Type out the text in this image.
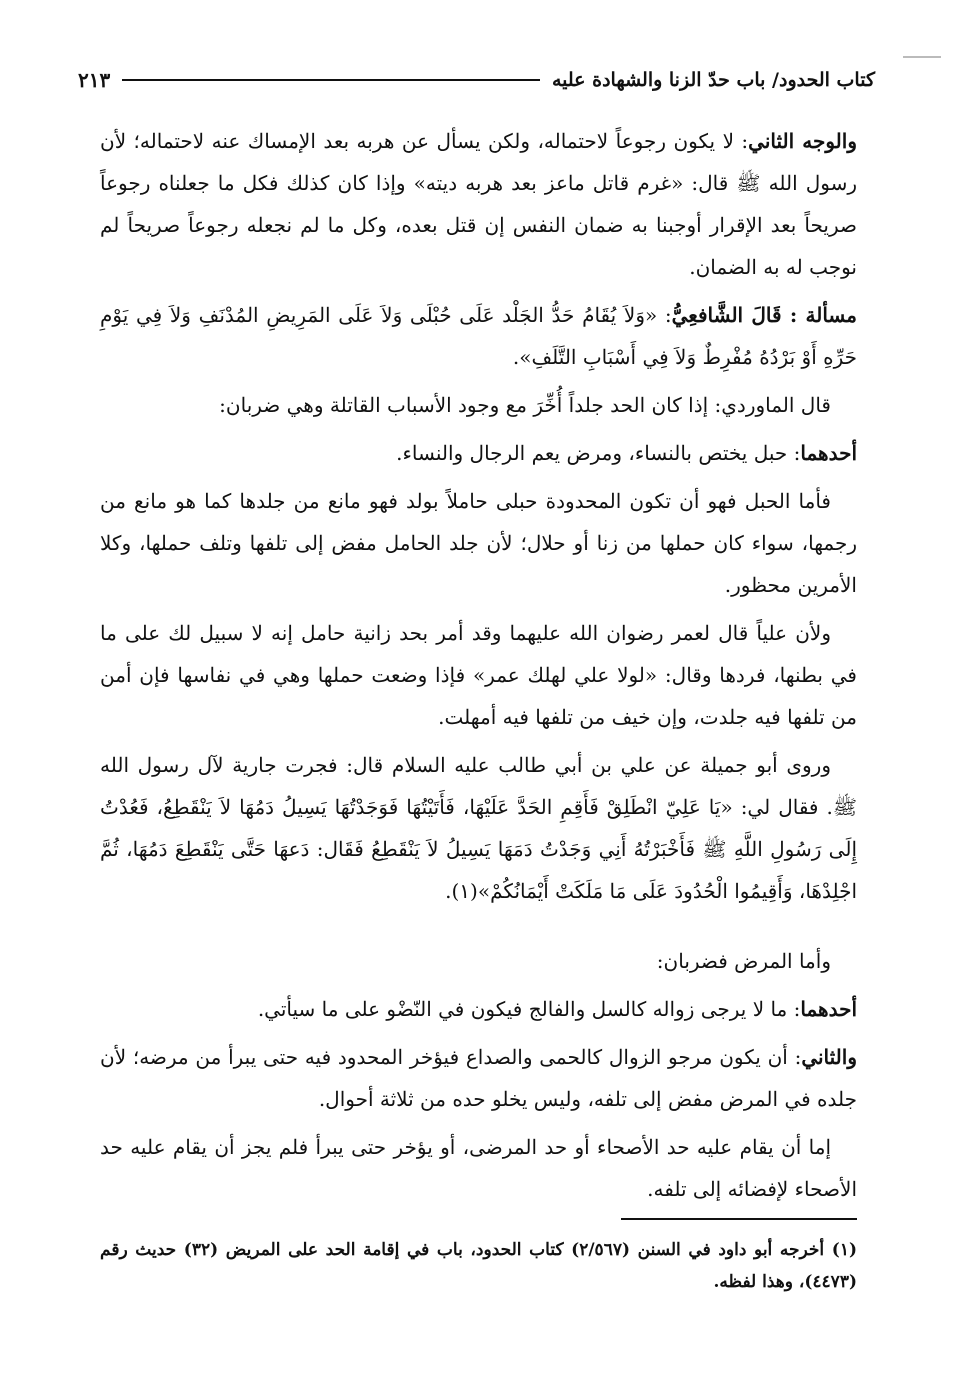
كتاب الحدود/ باب حدّ الزنا والشهادة عليه
٢١٣

والوجه الثاني: لا يكون رجوعاً لاحتماله، ولكن يسأل عن هربه بعد الإمساك عنه لاحتماله؛ لأن رسول الله ﷺ قال: «غرم قاتل ماعز بعد هربه ديته» وإذا كان كذلك فكل ما جعلناه رجوعاً صريحاً بعد الإقرار أوجبنا به ضمان النفس إن قتل بعده، وكل ما لم نجعله رجوعاً صريحاً لم نوجب له به الضمان.

مسألة : قَالَ الشَّافعِيُّ: «وَلاَ يُقَامُ حَدُّ الجَلْد عَلَى حُبْلَى وَلاَ عَلَى المَرِيضِ المُدْنَفِ وَلاَ فِي يَوْمِ حَرِّهِ أَوْ بَرْدُهُ مُفْرِطٌ وَلاَ فِي أَسْبَابِ التَّلَفِ».

قال الماوردي: إذا كان الحد جلداً أُخِّرَ مع وجود الأسباب القاتلة وهي ضربان:

أحدهما: حبل يختص بالنساء، ومرض يعم الرجال والنساء.

فأما الحبل فهو أن تكون المحدودة حبلى حاملاً بولد فهو مانع من جلدها كما هو مانع من رجمها، سواء كان حملها من زنا أو حلال؛ لأن جلد الحامل مفض إلى تلفها وتلف حملها، وكلا الأمرين محظور.

ولأن علياً قال لعمر رضوان الله عليهما وقد أمر بحد زانية حامل إنه لا سبيل لك على ما في بطنها، فردها وقال: «لولا علي لهلك عمر» فإذا وضعت حملها وهي في نفاسها فإن أمن من تلفها فيه جلدت، وإن خيف من تلفها فيه أمهلت.

وروى أبو جميلة عن علي بن أبي طالب عليه السلام قال: فجرت جارية لآل رسول الله ﷺ. فقال لي: «يَا عَلِيّ انْطَلِقْ فَأَقِمِ الحَدَّ عَلَيْهَا، فَأَتَيْتُهَا فَوَجَدْتُهَا يَسِيلُ دَمُهَا لاَ يَنْقَطِعُ، فَعُدْتُ إِلَى رَسُولِ اللَّهِ ﷺ فَأَخْبَرْتُهُ أَنِي وَجَدْتُ دَمَهَا يَسِيلُ لاَ يَنْقَطِعُ فَقَال: دَعهَا حَتَّى يَنْقَطِعَ دَمُهَا، ثُمَّ اجْلِدْهَا، وَأَقِيمُوا الْحُدُودَ عَلَى مَا مَلَكَتْ أَيْمَانُكُمْ»(١).

وأما المرض فضربان:

أحدهما: ما لا يرجى زواله كالسل والفالج فيكون في النّضْو على ما سيأتي.

والثاني: أن يكون مرجو الزوال كالحمى والصداع فيؤخر المحدود فيه حتى يبرأ من مرضه؛ لأن جلده في المرض مفض إلى تلفه، وليس يخلو حده من ثلاثة أحوال.

إما أن يقام عليه حد الأصحاء أو حد المرضى، أو يؤخر حتى يبرأ فلم يجز أن يقام عليه حد الأصحاء لإفضائه إلى تلفه.

(١) أخرجه أبو داود في السنن (٢/٥٦٧) كتاب الحدود، باب في إقامة الحد على المريض (٣٢) حديث رقم (٤٤٧٣)، وهذا لفظه.
